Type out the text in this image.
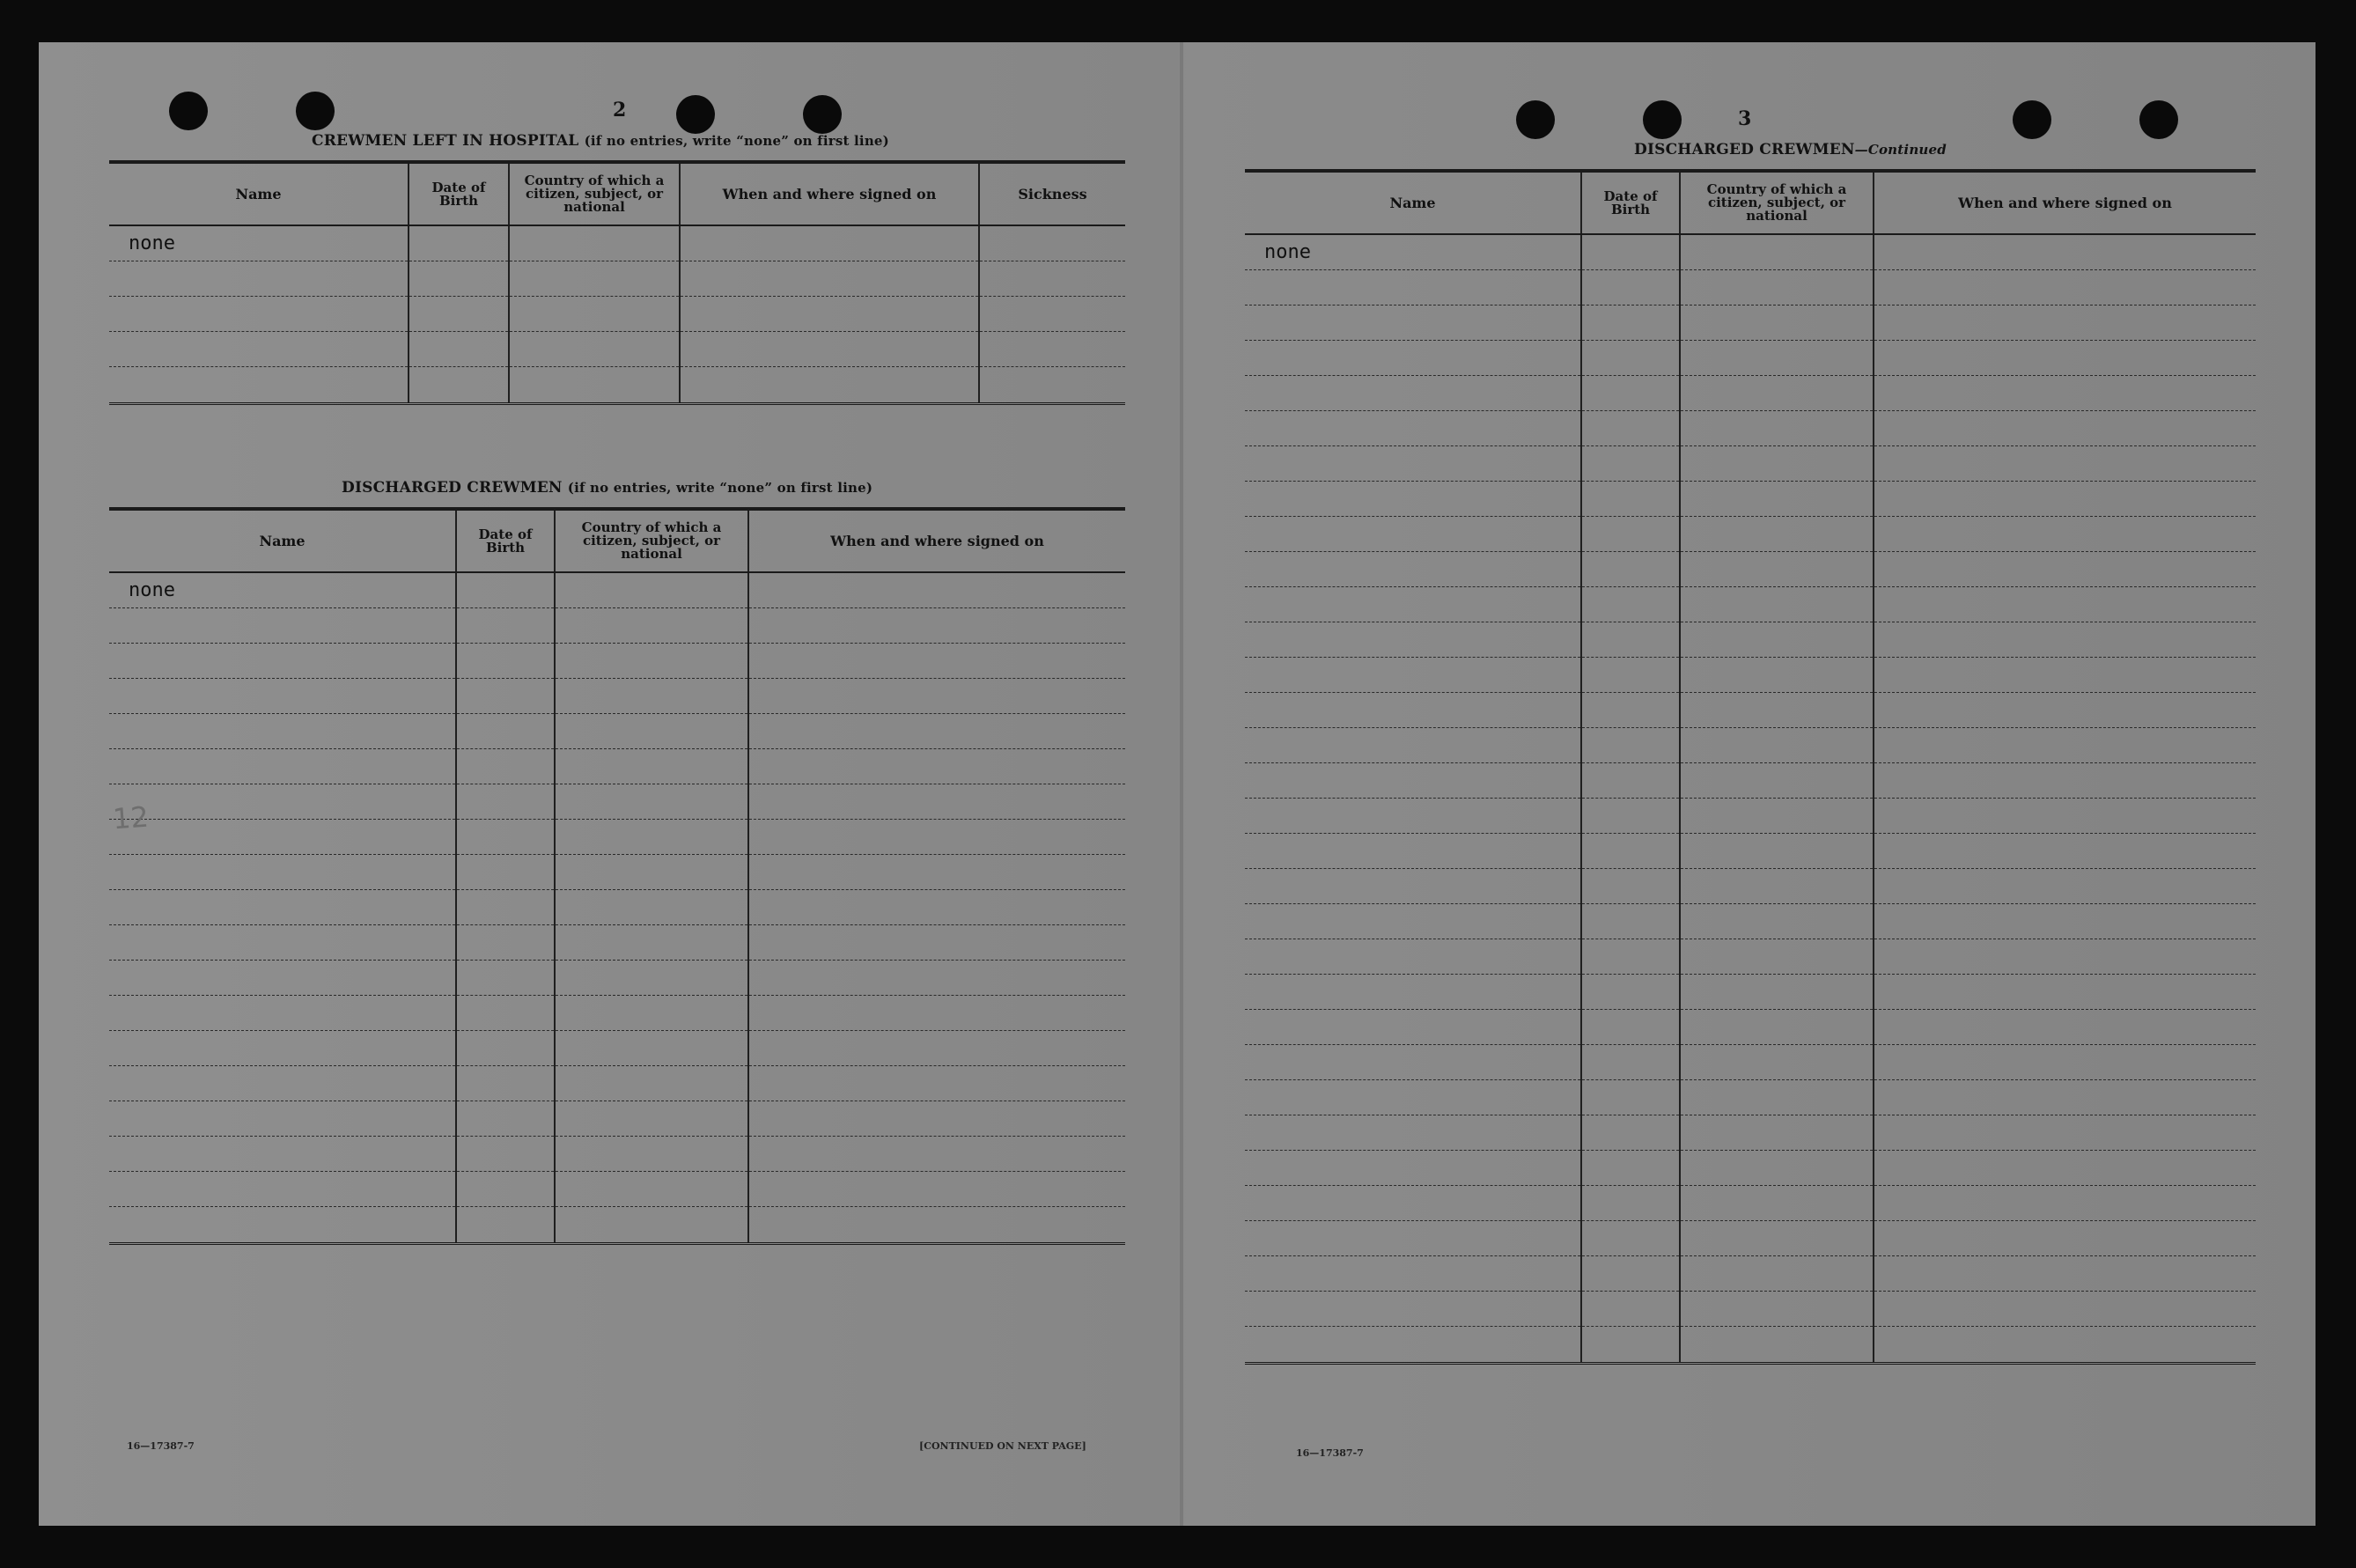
2
CREWMEN LEFT IN HOSPITAL (if no entries, write “none” on first line)
Name	Date of Birth	Country of which a citizen, subject, or national	When and where signed on	Sickness
none				

DISCHARGED CREWMEN (if no entries, write “none” on first line)
Name	Date of Birth	Country of which a citizen, subject, or national	When and where signed on
none			

12
16—17387-7	[CONTINUED ON NEXT PAGE]
3
DISCHARGED CREWMEN—Continued
Name	Date of Birth	Country of which a citizen, subject, or national	When and where signed on
none			

16—17387-7
